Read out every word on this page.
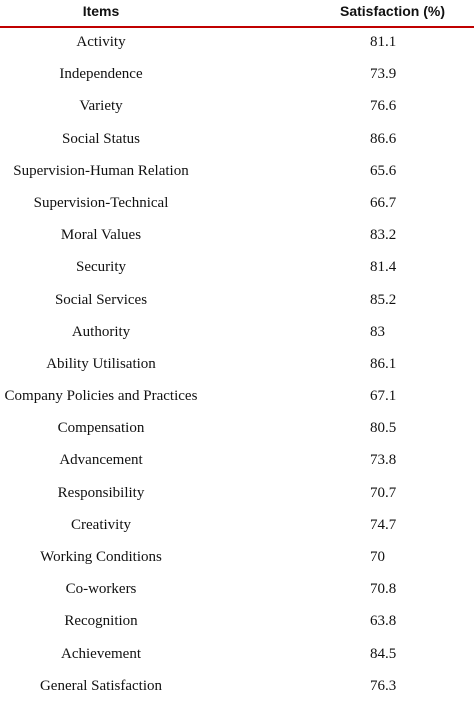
Items	Satisfaction (%)
Activity	81.1
Independence	73.9
Variety	76.6
Social Status	86.6
Supervision-Human Relation	65.6
Supervision-Technical	66.7
Moral Values	83.2
Security	81.4
Social Services	85.2
Authority	83
Ability Utilisation	86.1
Company Policies and Practices	67.1
Compensation	80.5
Advancement	73.8
Responsibility	70.7
Creativity	74.7
Working Conditions	70
Co-workers	70.8
Recognition	63.8
Achievement	84.5
General Satisfaction	76.3
